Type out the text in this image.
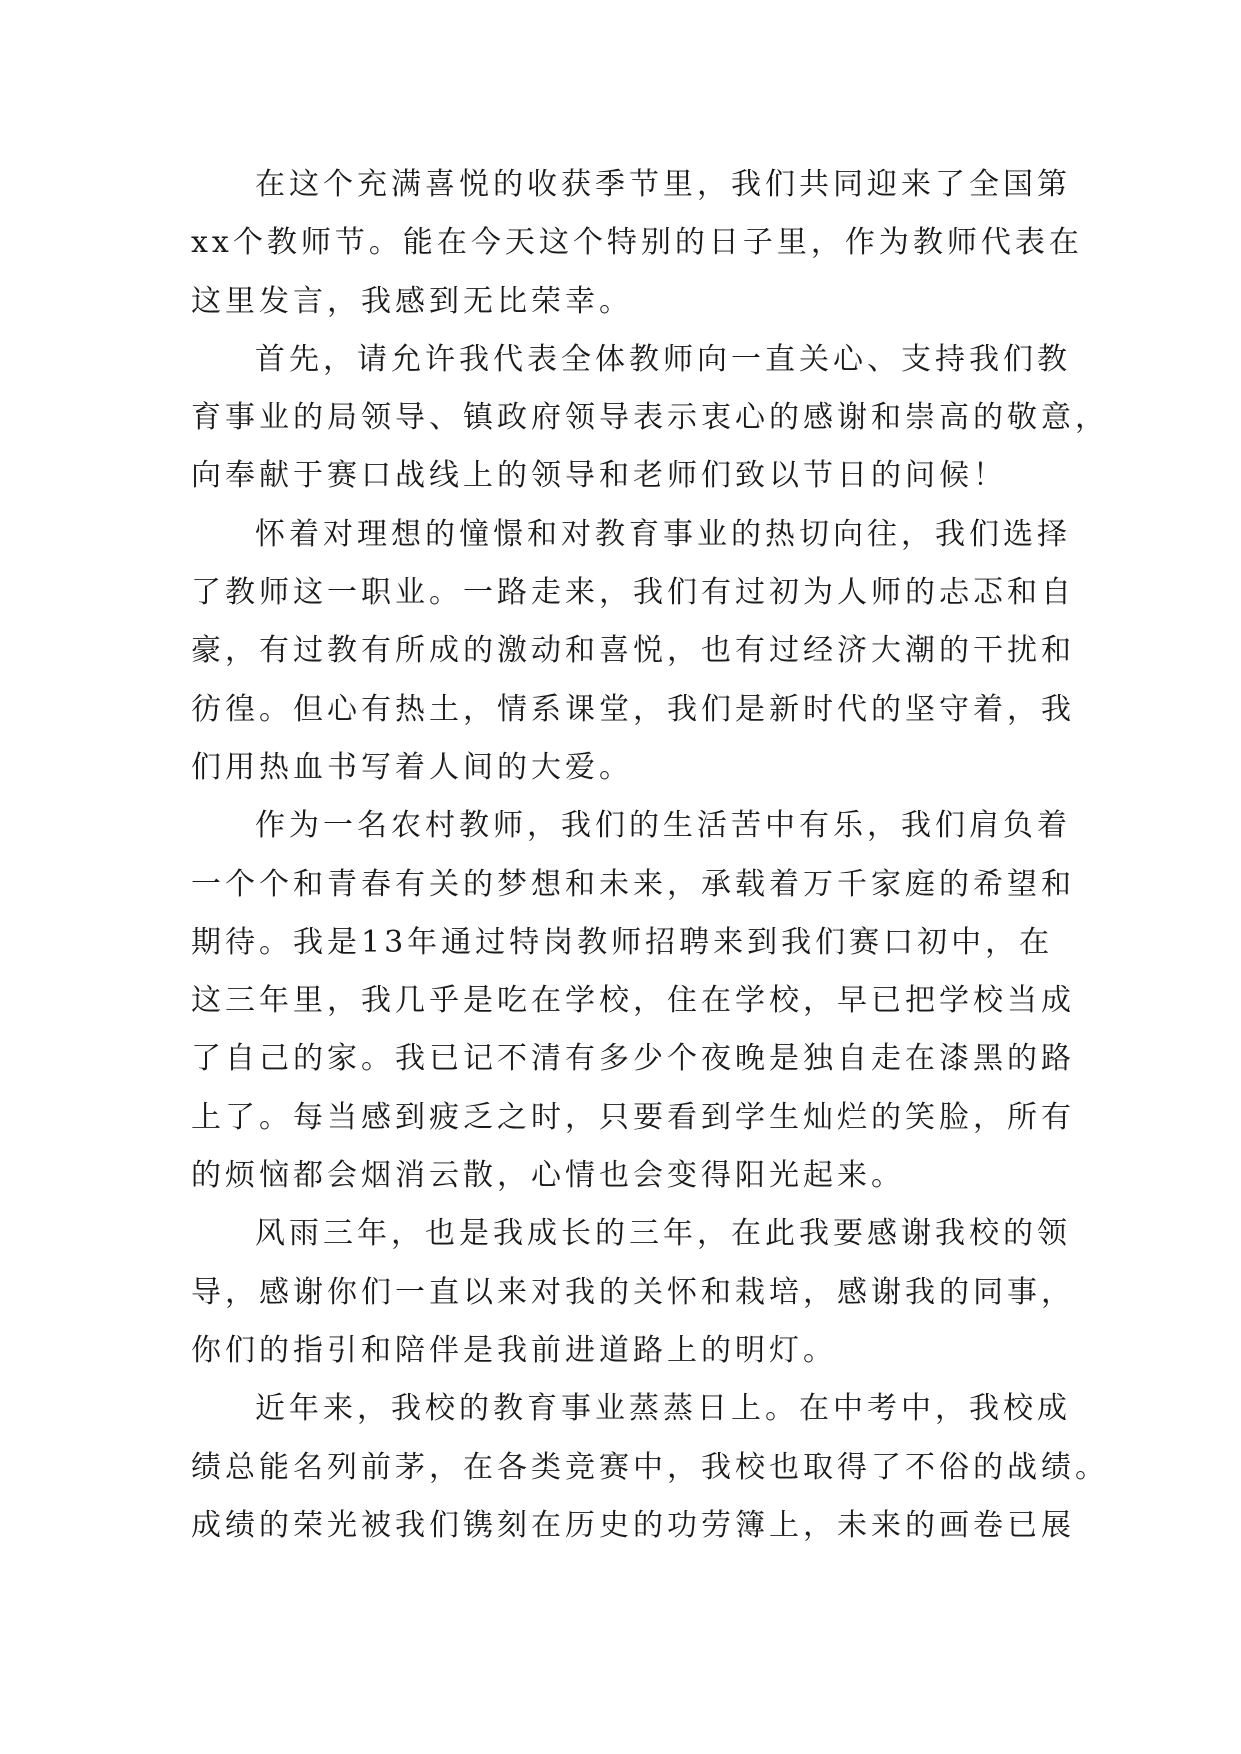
在这个充满喜悦的收获季节里，我们共同迎来了全国第
xx个教师节。能在今天这个特别的日子里，作为教师代表在
这里发言，我感到无比荣幸。
首先，请允许我代表全体教师向一直关心、支持我们教
育事业的局领导、镇政府领导表示衷心的感谢和崇高的敬意，
向奉献于赛口战线上的领导和老师们致以节日的问候！
怀着对理想的憧憬和对教育事业的热切向往，我们选择
了教师这一职业。一路走来，我们有过初为人师的忐忑和自
豪，有过教有所成的激动和喜悦，也有过经济大潮的干扰和
彷徨。但心有热土，情系课堂，我们是新时代的坚守着，我
们用热血书写着人间的大爱。
作为一名农村教师，我们的生活苦中有乐，我们肩负着
一个个和青春有关的梦想和未来，承载着万千家庭的希望和
期待。我是13年通过特岗教师招聘来到我们赛口初中，在
这三年里，我几乎是吃在学校，住在学校，早已把学校当成
了自己的家。我已记不清有多少个夜晚是独自走在漆黑的路
上了。每当感到疲乏之时，只要看到学生灿烂的笑脸，所有
的烦恼都会烟消云散，心情也会变得阳光起来。
风雨三年，也是我成长的三年，在此我要感谢我校的领
导，感谢你们一直以来对我的关怀和栽培，感谢我的同事，
你们的指引和陪伴是我前进道路上的明灯。
近年来，我校的教育事业蒸蒸日上。在中考中，我校成
绩总能名列前茅，在各类竞赛中，我校也取得了不俗的战绩。
成绩的荣光被我们镌刻在历史的功劳簿上，未来的画卷已展
